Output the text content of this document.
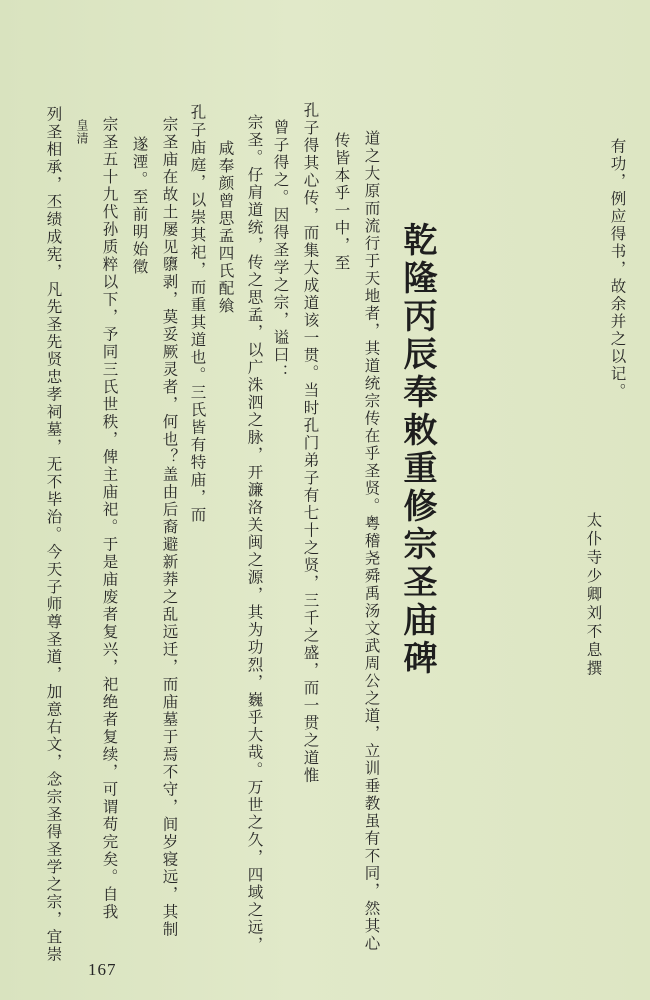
有功，例应得书，故余并之以记。
太仆寺少卿刘不息撰
乾隆丙辰奉敕重修宗圣庙碑
道之大原而流行于天地者，其道统宗传在乎圣贤。粤稽尧舜禹汤文武周公之道，立训垂教虽有不同，然其心
传皆本乎一中，至
孔子得其心传，而集大成道该一贯。当时孔门弟子有七十之贤，三千之盛，而一贯之道惟
曾子得之。因得圣学之宗，谥曰：
宗圣。仔肩道统，传之思孟，以广洙泗之脉，开濂洛关闽之源，其为功烈，巍乎大哉。万世之久，四域之远，
咸奉颜曾思孟四氏配飨
孔子庙庭，以崇其祀，而重其道也。三氏皆有特庙，而
宗圣庙在故土屡见隳剥，莫妥厥灵者，何也？盖由后裔避新莽之乱远迁，而庙墓于焉不守，间岁寝远，其制
遂湮。至前明始徵
宗圣五十九代孙质粹以下，予同三氏世秩，俾主庙祀。于是庙废者复兴，祀绝者复续，可谓苟完矣。自我
皇清
列圣相承，丕绩成宪，凡先圣先贤忠孝祠墓，无不毕治。今天子师尊圣道，加意右文，念宗圣得圣学之宗，宜崇
167
